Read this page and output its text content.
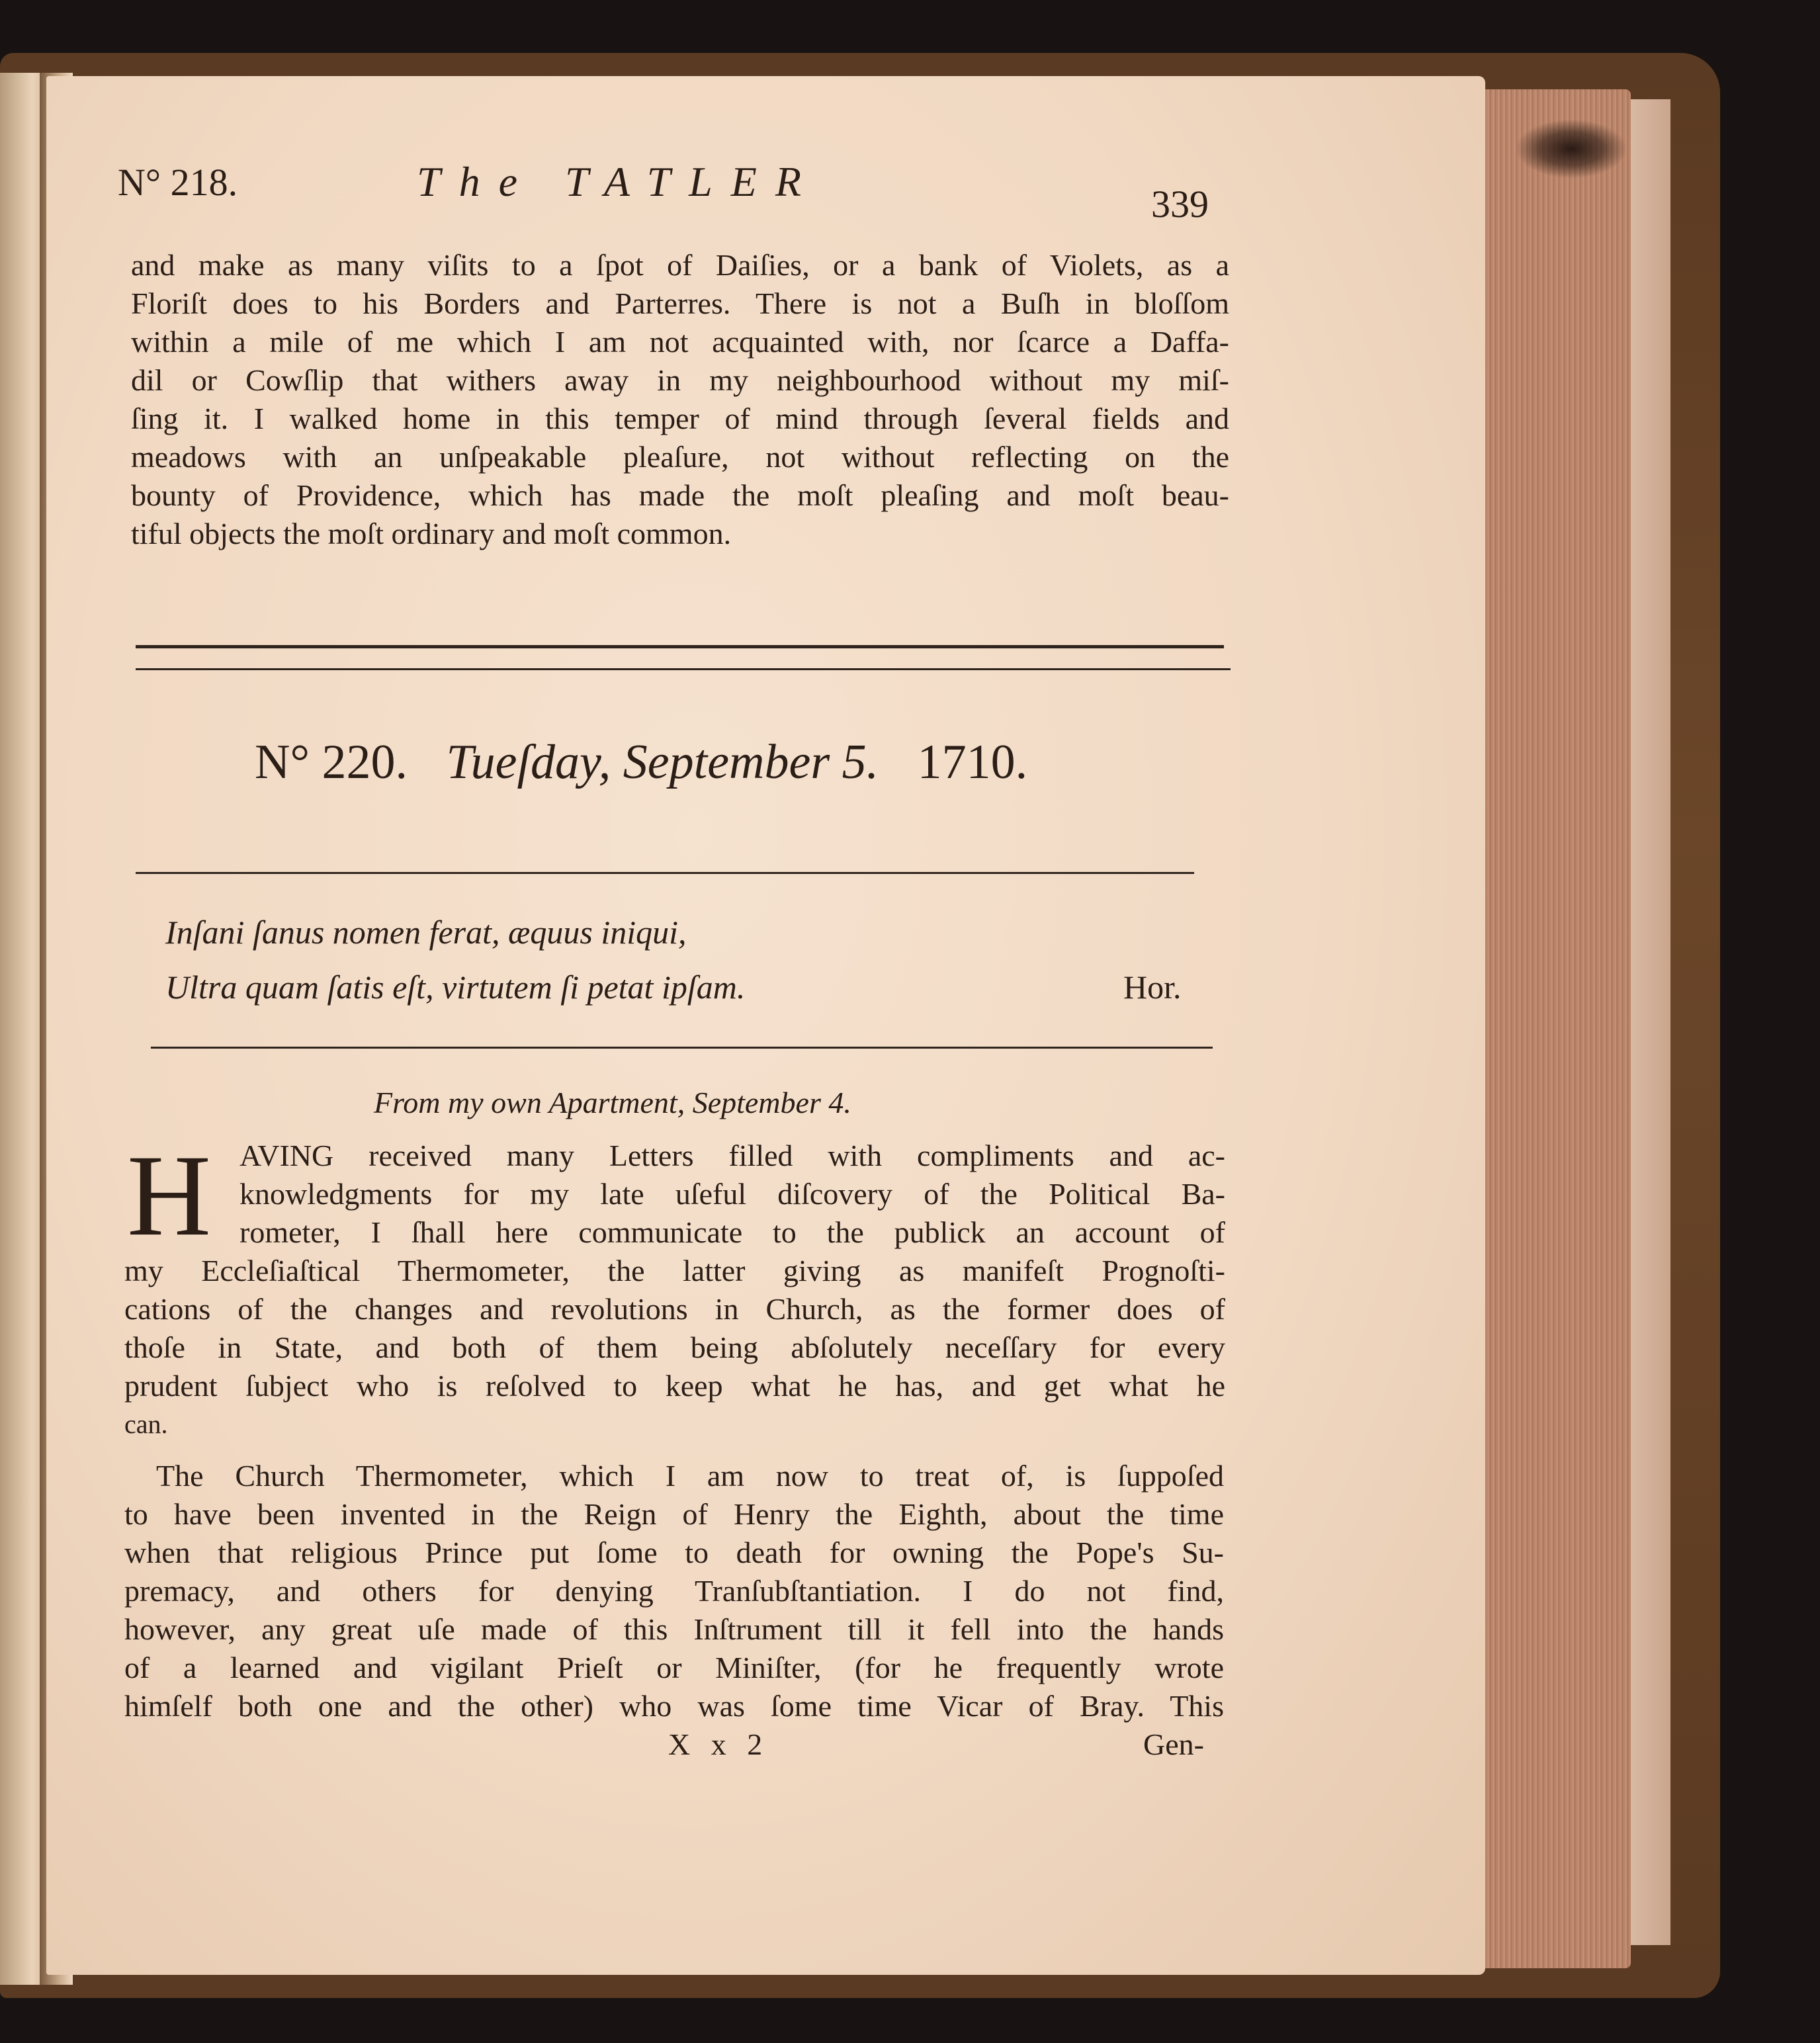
N° 218.	The TATLER	339
and make as many viſits to a ſpot of Daiſies, or a bank of Violets, as a
Floriſt does to his Borders and Parterres. There is not a Buſh in bloſſom
within a mile of me which I am not acquainted with, nor ſcarce a Daffa-
dil or Cowſlip that withers away in my neighbourhood without my miſ-
ſing it. I walked home in this temper of mind through ſeveral fields and
meadows with an unſpeakable pleaſure, not without reflecting on the
bounty of Providence, which has made the moſt pleaſing and moſt beau-
tiful objects the moſt ordinary and moſt common.
N° 220. Tueſday, September 5. 1710.
Inſani ſanus nomen ferat, æquus iniqui,
Ultra quam ſatis eſt, virtutem ſi petat ipſam.	Hor.
From my own Apartment, September 4.
H AVING received many Letters filled with compliments and ac-
knowledgments for my late uſeful diſcovery of the Political Ba-
rometer, I ſhall here communicate to the publick an account of
my Eccleſiaſtical Thermometer, the latter giving as manifeſt Prognoſti-
cations of the changes and revolutions in Church, as the former does of
thoſe in State, and both of them being abſolutely neceſſary for every
prudent ſubject who is reſolved to keep what he has, and get what he
can.
The Church Thermometer, which I am now to treat of, is ſuppoſed
to have been invented in the Reign of Henry the Eighth, about the time
when that religious Prince put ſome to death for owning the Pope's Su-
premacy, and others for denying Tranſubſtantiation. I do not find,
however, any great uſe made of this Inſtrument till it fell into the hands
of a learned and vigilant Prieſt or Miniſter, (for he frequently wrote
himſelf both one and the other) who was ſome time Vicar of Bray. This
X x 2	Gen-
